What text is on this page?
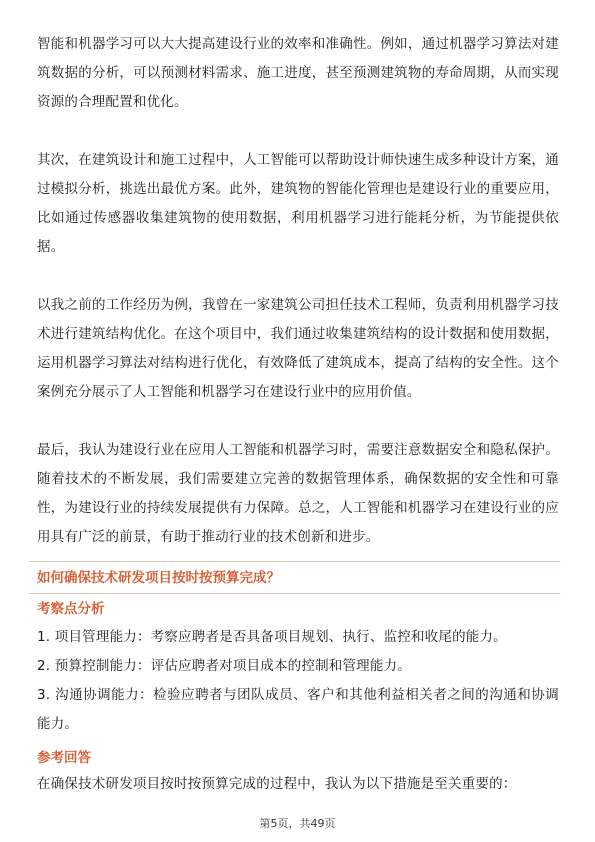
智能和机器学习可以大大提高建设行业的效率和准确性。例如，通过机器学习算法对建筑数据的分析，可以预测材料需求、施工进度，甚至预测建筑物的寿命周期，从而实现资源的合理配置和优化。

其次，在建筑设计和施工过程中，人工智能可以帮助设计师快速生成多种设计方案，通过模拟分析，挑选出最优方案。此外，建筑物的智能化管理也是建设行业的重要应用，比如通过传感器收集建筑物的使用数据，利用机器学习进行能耗分析，为节能提供依据。

以我之前的工作经历为例，我曾在一家建筑公司担任技术工程师，负责利用机器学习技术进行建筑结构优化。在这个项目中，我们通过收集建筑结构的设计数据和使用数据，运用机器学习算法对结构进行优化，有效降低了建筑成本，提高了结构的安全性。这个案例充分展示了人工智能和机器学习在建设行业中的应用价值。

最后，我认为建设行业在应用人工智能和机器学习时，需要注意数据安全和隐私保护。随着技术的不断发展，我们需要建立完善的数据管理体系，确保数据的安全性和可靠性，为建设行业的持续发展提供有力保障。总之，人工智能和机器学习在建设行业的应用具有广泛的前景，有助于推动行业的技术创新和进步。

如何确保技术研发项目按时按预算完成？
考察点分析
1. 项目管理能力：考察应聘者是否具备项目规划、执行、监控和收尾的能力。
2. 预算控制能力：评估应聘者对项目成本的控制和管理能力。
3. 沟通协调能力：检验应聘者与团队成员、客户和其他利益相关者之间的沟通和协调能力。
参考回答

在确保技术研发项目按时按预算完成的过程中，我认为以下措施是至关重要的：

第5页，共49页
